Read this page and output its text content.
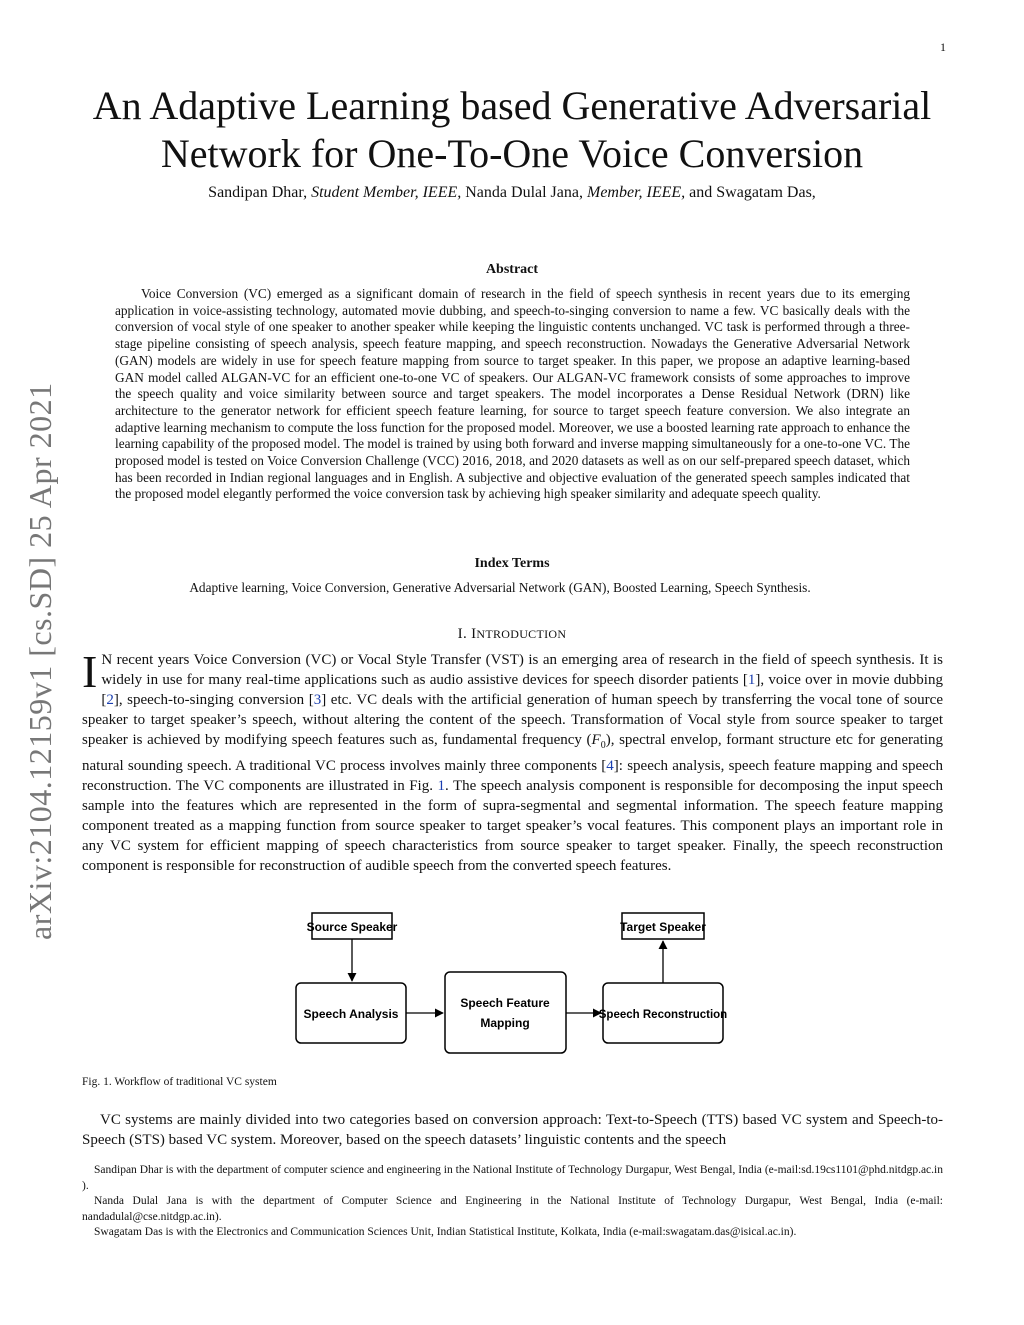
1
arXiv:2104.12159v1 [cs.SD] 25 Apr 2021
An Adaptive Learning based Generative Adversarial Network for One-To-One Voice Conversion
Sandipan Dhar, Student Member, IEEE, Nanda Dulal Jana, Member, IEEE, and Swagatam Das,
Abstract
Voice Conversion (VC) emerged as a significant domain of research in the field of speech synthesis in recent years due to its emerging application in voice-assisting technology, automated movie dubbing, and speech-to-singing conversion to name a few. VC basically deals with the conversion of vocal style of one speaker to another speaker while keeping the linguistic contents unchanged. VC task is performed through a three-stage pipeline consisting of speech analysis, speech feature mapping, and speech reconstruction. Nowadays the Generative Adversarial Network (GAN) models are widely in use for speech feature mapping from source to target speaker. In this paper, we propose an adaptive learning-based GAN model called ALGAN-VC for an efficient one-to-one VC of speakers. Our ALGAN-VC framework consists of some approaches to improve the speech quality and voice similarity between source and target speakers. The model incorporates a Dense Residual Network (DRN) like architecture to the generator network for efficient speech feature learning, for source to target speech feature conversion. We also integrate an adaptive learning mechanism to compute the loss function for the proposed model. Moreover, we use a boosted learning rate approach to enhance the learning capability of the proposed model. The model is trained by using both forward and inverse mapping simultaneously for a one-to-one VC. The proposed model is tested on Voice Conversion Challenge (VCC) 2016, 2018, and 2020 datasets as well as on our self-prepared speech dataset, which has been recorded in Indian regional languages and in English. A subjective and objective evaluation of the generated speech samples indicated that the proposed model elegantly performed the voice conversion task by achieving high speaker similarity and adequate speech quality.
Index Terms
Adaptive learning, Voice Conversion, Generative Adversarial Network (GAN), Boosted Learning, Speech Synthesis.
I. INTRODUCTION
I N recent years Voice Conversion (VC) or Vocal Style Transfer (VST) is an emerging area of research in the field of speech synthesis. It is widely in use for many real-time applications such as audio assistive devices for speech disorder patients [1], voice over in movie dubbing [2], speech-to-singing conversion [3] etc. VC deals with the artificial generation of human speech by transferring the vocal tone of source speaker to target speaker’s speech, without altering the content of the speech. Transformation of Vocal style from source speaker to target speaker is achieved by modifying speech features such as, fundamental frequency $(F_0)$, spectral envelop, formant structure etc for generating natural sounding speech. A traditional VC process involves mainly three components [4]: speech analysis, speech feature mapping and speech reconstruction. The VC components are illustrated in Fig. 1. The speech analysis component is responsible for decomposing the input speech sample into the features which are represented in the form of supra-segmental and segmental information. The speech feature mapping component treated as a mapping function from source speaker to target speaker’s vocal features. This component plays an important role in any VC system for efficient mapping of speech characteristics from source speaker to target speaker. Finally, the speech reconstruction component is responsible for reconstruction of audible speech from the converted speech features.
Source Speaker	Target Speaker
Speech Analysis
Speech Feature
Mapping
Speech Reconstruction
Fig. 1. Workflow of traditional VC system
VC systems are mainly divided into two categories based on conversion approach: Text-to-Speech (TTS) based VC system and Speech-to-Speech (STS) based VC system. Moreover, based on the speech datasets’ linguistic contents and the speech

Sandipan Dhar is with the department of computer science and engineering in the National Institute of Technology Durgapur, West Bengal, India (e-mail:sd.19cs1101@phd.nitdgp.ac.in ).

Nanda Dulal Jana is with the department of Computer Science and Engineering in the National Institute of Technology Durgapur, West Bengal, India (e-mail: nandadulal@cse.nitdgp.ac.in).

Swagatam Das is with the Electronics and Communication Sciences Unit, Indian Statistical Institute, Kolkata, India (e-mail:swagatam.das@isical.ac.in).
